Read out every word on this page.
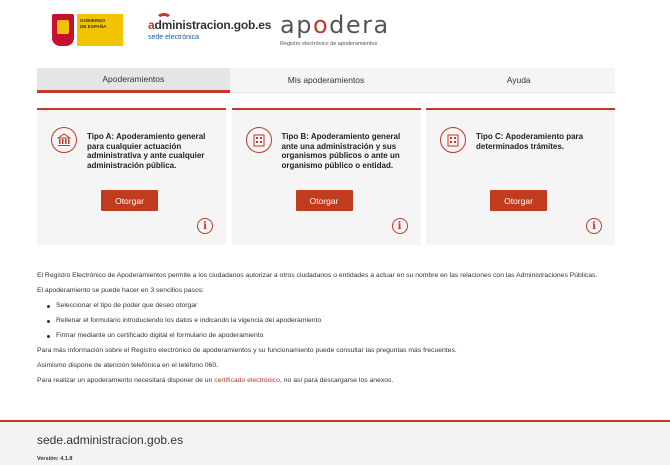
GOBIERNO
DE ESPAÑA	administracion.gob.es
sede electrónica	apodera
Registro electrónico de apoderamientos
Apoderamientos	Mis apoderamientos	Ayuda
Tipo A: Apoderamiento general para cualquier actuación administrativa y ante cualquier administración pública.
Otorgar
i
Tipo B: Apoderamiento general ante una administración y sus organismos públicos o ante un organismo público o entidad.
Otorgar
i
Tipo C: Apoderamiento para determinados trámites.
Otorgar
i

El Registro Electrónico de Apoderamientos permite a los ciudadanos autorizar a otros ciudadanos o entidades a actuar en su nombre en las relaciones con las Administraciones Públicas.

El apoderamiento se puede hacer en 3 sencillos pasos:

Seleccionar el tipo de poder que deseo otorgar
Rellenar el formulario introduciendo los datos e indicando la vigencia del apoderamiento
Firmar mediante un certificado digital el formulario de apoderamiento

Para más información sobre el Registro electrónico de apoderamientos y su funcionamiento puede consultar las preguntas más frecuentes.

Asimismo dispone de atención telefónica en el teléfono 060.

Para realizar un apoderamiento necesitará disponer de un certificado electrónico, no así para descargarse los anexos.

sede.administracion.gob.es
Versión: 4.1.8
